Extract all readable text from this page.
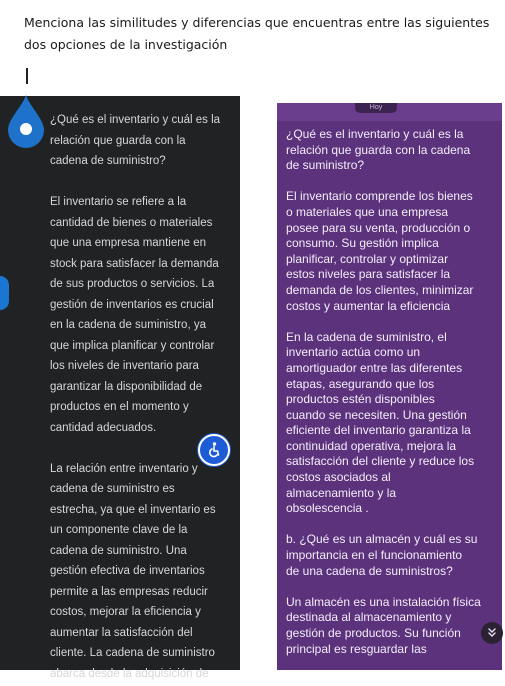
Menciona las similitudes y diferencias que encuentras entre las siguientes dos opciones de la investigación

¿Qué es el inventario y cuál es la
relación que guarda con la
cadena de suministro?

El inventario se refiere a la
cantidad de bienes o materiales
que una empresa mantiene en
stock para satisfacer la demanda
de sus productos o servicios. La
gestión de inventarios es crucial
en la cadena de suministro, ya
que implica planificar y controlar
los niveles de inventario para
garantizar la disponibilidad de
productos en el momento y
cantidad adecuados.

La relación entre inventario y
cadena de suministro es
estrecha, ya que el inventario es
un componente clave de la
cadena de suministro. Una
gestión efectiva de inventarios
permite a las empresas reducir
costos, mejorar la eficiencia y
aumentar la satisfacción del
cliente. La cadena de suministro
abarca desde la adquisición de

Hoy

¿Qué es el inventario y cuál es la
relación que guarda con la cadena
de suministro?

El inventario comprende los bienes
o materiales que una empresa
posee para su venta, producción o
consumo. Su gestión implica
planificar, controlar y optimizar
estos niveles para satisfacer la
demanda de los clientes, minimizar
costos y aumentar la eficiencia

En la cadena de suministro, el
inventario actúa como un
amortiguador entre las diferentes
etapas, asegurando que los
productos estén disponibles
cuando se necesiten. Una gestión
eficiente del inventario garantiza la
continuidad operativa, mejora la
satisfacción del cliente y reduce los
costos asociados al
almacenamiento y la
obsolescencia .

b. ¿Qué es un almacén y cuál es su
importancia en el funcionamiento
de una cadena de suministros?

Un almacén es una instalación física
destinada al almacenamiento y
gestión de productos. Su función
principal es resguardar las
